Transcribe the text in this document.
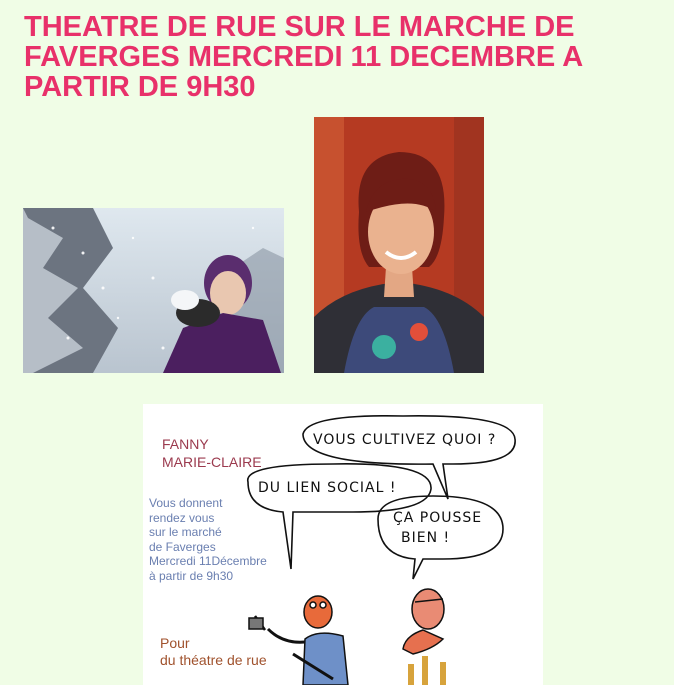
THEATRE DE RUE SUR LE MARCHE DE FAVERGES MERCREDI 11 DECEMBRE A PARTIR DE 9H30
FANNY
MARIE-CLAIRE
Vous donnent
rendez vous
sur le marché
de Faverges
Mercredi 11Décembre
à partir de 9h30
Pour
du théatre de rue
VOUS CULTIVEZ QUOI ?
DU LIEN SOCIAL !
ÇA POUSSE
BIEN !
